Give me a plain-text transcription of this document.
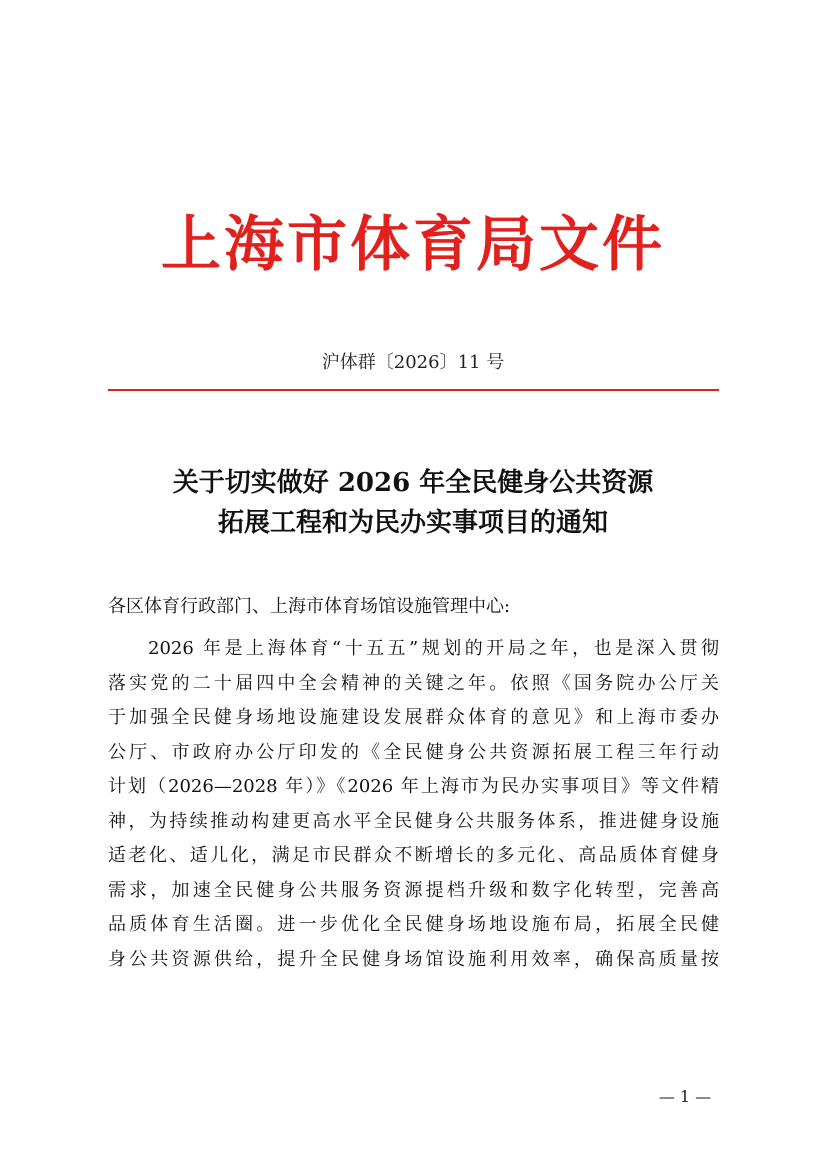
上海市体育局文件
沪体群〔2026〕11 号
关于切实做好 2026 年全民健身公共资源
拓展工程和为民办实事项目的通知
各区体育行政部门、上海市体育场馆设施管理中心:
2026 年是上海体育“十五五”规划的开局之年，也是深入贯彻
落实党的二十届四中全会精神的关键之年。依照《国务院办公厅关
于加强全民健身场地设施建设发展群众体育的意见》和上海市委办
公厅、市政府办公厅印发的《全民健身公共资源拓展工程三年行动
计划（2026—2028 年）》《2026 年上海市为民办实事项目》等文件精
神，为持续推动构建更高水平全民健身公共服务体系，推进健身设施
适老化、适儿化，满足市民群众不断增长的多元化、高品质体育健身
需求，加速全民健身公共服务资源提档升级和数字化转型，完善高
品质体育生活圈。进一步优化全民健身场地设施布局，拓展全民健
身公共资源供给，提升全民健身场馆设施利用效率，确保高质量按
— 1 —
